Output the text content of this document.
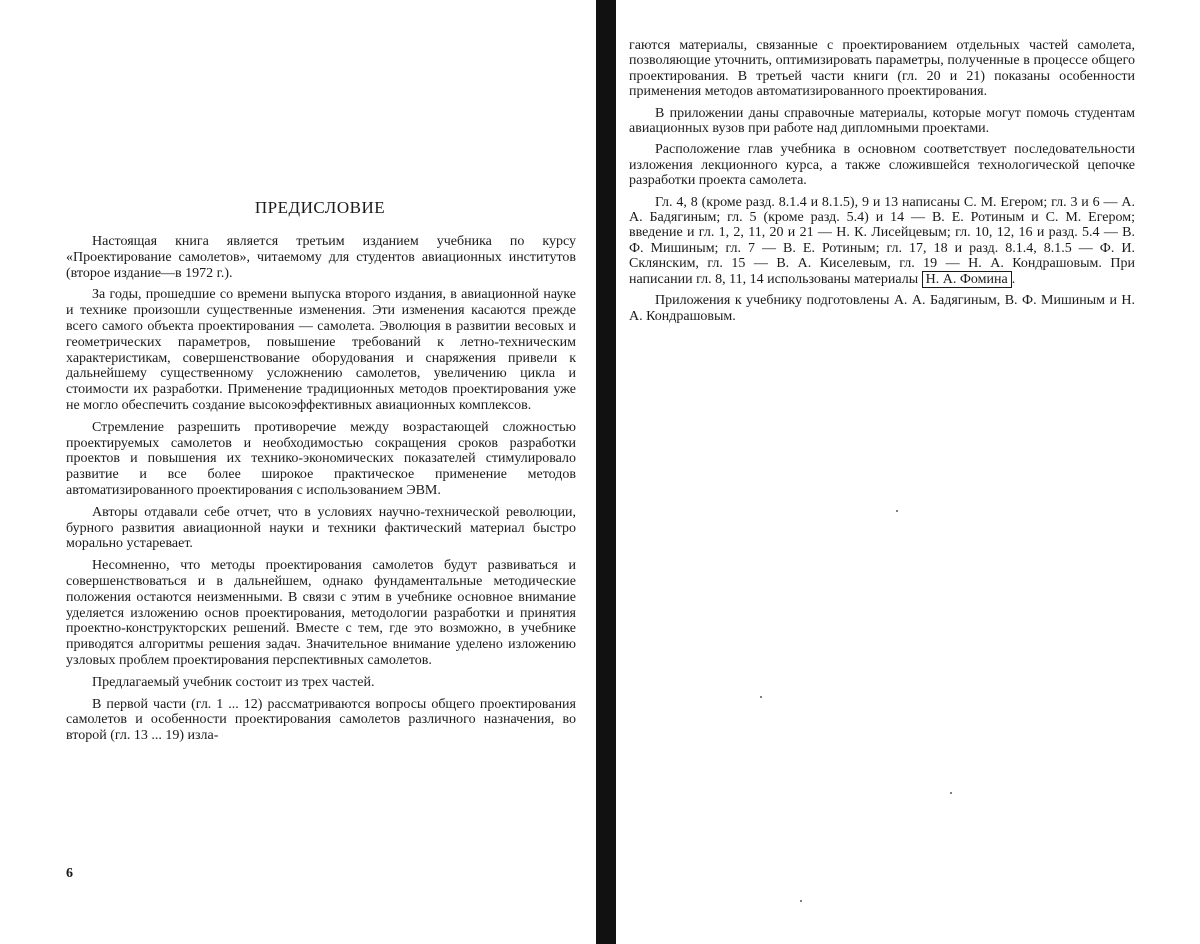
ПРЕДИСЛОВИЕ

Настоящая книга является третьим изданием учебника по курсу «Проектирование самолетов», читаемому для студентов авиационных институтов (второе издание—в 1972 г.).

За годы, прошедшие со времени выпуска второго издания, в авиационной науке и технике произошли существенные изменения. Эти изменения касаются прежде всего самого объекта проектирования — самолета. Эволюция в развитии весовых и геометрических параметров, повышение требований к летно-техническим характеристикам, совершенствование оборудования и снаряжения привели к дальнейшему существенному усложнению самолетов, увеличению цикла и стоимости их разработки. Применение традиционных методов проектирования уже не могло обеспечить создание высокоэффективных авиационных комплексов.

Стремление разрешить противоречие между возрастающей сложностью проектируемых самолетов и необходимостью сокращения сроков разработки проектов и повышения их технико-экономических показателей стимулировало развитие и все более широкое практическое применение методов автоматизированного проектирования с использованием ЭВМ.

Авторы отдавали себе отчет, что в условиях научно-технической революции, бурного развития авиационной науки и техники фактический материал быстро морально устаревает.

Несомненно, что методы проектирования самолетов будут развиваться и совершенствоваться и в дальнейшем, однако фундаментальные методические положения остаются неизменными. В связи с этим в учебнике основное внимание уделяется изложению основ проектирования, методологии разработки и принятия проектно-конструкторских решений. Вместе с тем, где это возможно, в учебнике приводятся алгоритмы решения задач. Значительное внимание уделено изложению узловых проблем проектирования перспективных самолетов.

Предлагаемый учебник состоит из трех частей.

В первой части (гл. 1 ... 12) рассматриваются вопросы общего проектирования самолетов и особенности проектирования самолетов различного назначения, во второй (гл. 13 ... 19) изла-

6

гаются материалы, связанные с проектированием отдельных частей самолета, позволяющие уточнить, оптимизировать параметры, полученные в процессе общего проектирования. В третьей части книги (гл. 20 и 21) показаны особенности применения методов автоматизированного проектирования.

В приложении даны справочные материалы, которые могут помочь студентам авиационных вузов при работе над дипломными проектами.

Расположение глав учебника в основном соответствует последовательности изложения лекционного курса, а также сложившейся технологической цепочке разработки проекта самолета.

Гл. 4, 8 (кроме разд. 8.1.4 и 8.1.5), 9 и 13 написаны С. М. Егером; гл. 3 и 6 — А. А. Бадягиным; гл. 5 (кроме разд. 5.4) и 14 — В. Е. Ротиным и С. М. Егером; введение и гл. 1, 2, 11, 20 и 21 — Н. К. Лисейцевым; гл. 10, 12, 16 и разд. 5.4 — В. Ф. Мишиным; гл. 7 — В. Е. Ротиным; гл. 17, 18 и разд. 8.1.4, 8.1.5 — Ф. И. Склянским, гл. 15 — В. А. Киселевым, гл. 19 — Н. А. Кондрашовым. При написании гл. 8, 11, 14 использованы материалы Н. А. Фомина .

Приложения к учебнику подготовлены А. А. Бадягиным, В. Ф. Мишиным и Н. А. Кондрашовым.
